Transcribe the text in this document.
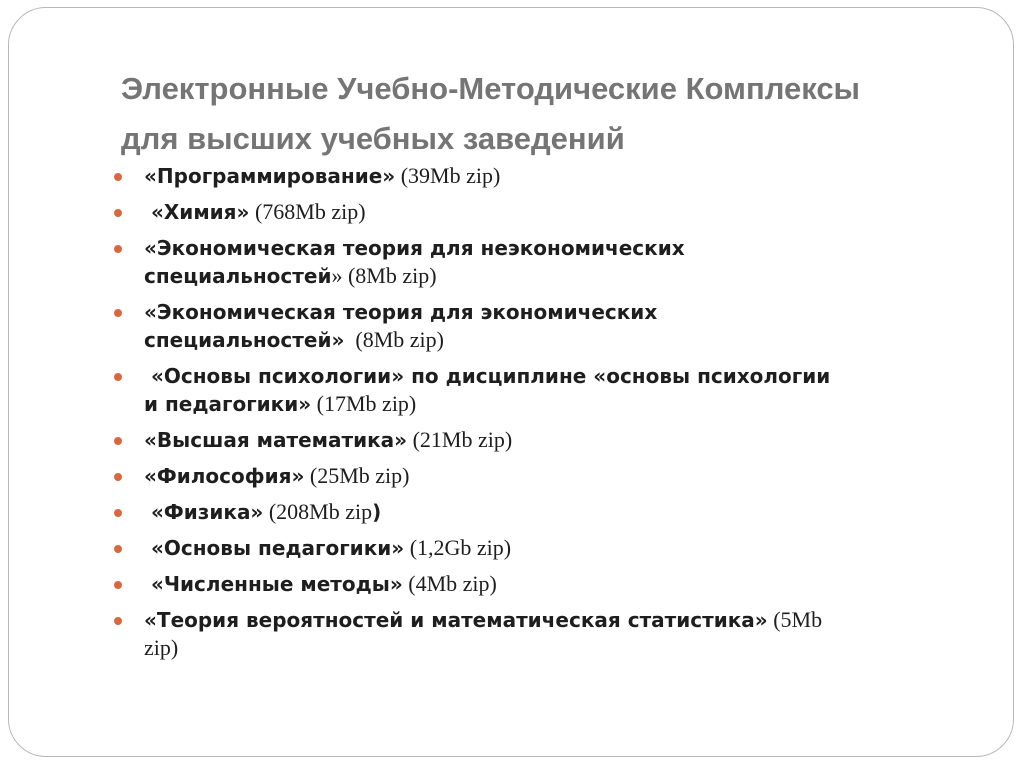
Электронные Учебно-Методические Комплексы
для высших учебных заведений
«Программирование» (39Mb zip)
«Химия» (768Mb zip)
«Экономическая теория для неэкономических
специальностей» (8Mb zip)
«Экономическая теория для экономических
специальностей»  (8Mb zip)
«Основы психологии» по дисциплине «основы психологии
и педагогики» (17Mb zip)
«Высшая математика» (21Mb zip)
«Философия» (25Mb zip)
«Физика» (208Mb zip)
«Основы педагогики» (1,2Gb zip)
«Численные методы» (4Mb zip)
«Теория вероятностей и математическая статистика» (5Mb
zip)
